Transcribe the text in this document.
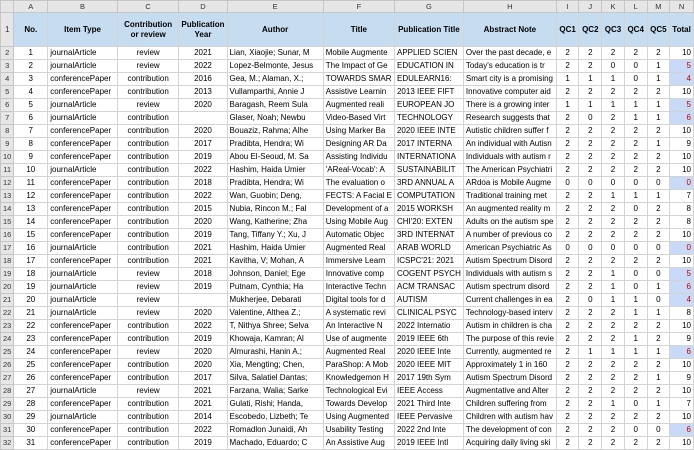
	A	B	C	D	E	F	G	H	I	J	K	L	M	N
1	No.	Item Type	Contribution or review	Publication Year	Author	Title	Publication Title	Abstract Note	QC1	QC2	QC3	QC4	QC5	Total
2	1	journalArticle	review	2021	Lian, Xiaojie; Sunar, M	Mobile Augmente	APPLIED SCIEN	Over the past decade, e	2	2	2	2	2	10
3	2	journalArticle	review	2022	Lopez-Belmonte, Jesus	The Impact of Ge	EDUCATION IN	Today's education is tr	2	2	0	0	1	5
4	3	conferencePaper	contribution	2016	Gea, M.; Alaman, X.;	TOWARDS SMAR	EDULEARN16:	Smart city is a promising	1	1	1	0	1	4
5	4	conferencePaper	contribution	2013	Vullamparthi, Annie J	Assistive Learnin	2013 IEEE FIFT	Innovative computer aid	2	2	2	2	2	10
6	5	journalArticle	review	2020	Baragash, Reem Sula	Augmented reali	EUROPEAN JO	There is a growing inter	1	1	1	1	1	5
7	6	journalArticle	contribution		Glaser, Noah; Newbu	Video-Based Virt	TECHNOLOGY	Research suggests that	2	0	2	1	1	6
8	7	conferencePaper	contribution	2020	Bouaziz, Rahma; Alhe	Using Marker Ba	2020 IEEE INTE	Autistic children suffer f	2	2	2	2	2	10
9	8	conferencePaper	contribution	2017	Pradibta, Hendra; Wi	Designing AR Da	2017 INTERNA	An individual with Autisn	2	2	2	2	1	9
10	9	conferencePaper	contribution	2019	Abou El-Seoud, M. Sa	Assisting Individu	INTERNATIONA	Individuals with autism r	2	2	2	2	2	10
11	10	journalArticle	contribution	2022	Hashim, Haida Umier	'AReal-Vocab': A	SUSTAINABILIT	The American Psychiatri	2	2	2	2	2	10
12	11	conferencePaper	contribution	2018	Pradibta, Hendra; Wi	The evaluation o	3RD ANNUAL A	ARdoa is Mobile Augme	0	0	0	0	0	0
13	12	conferencePaper	contribution	2022	Wan, Guobin; Deng,	FECTS: A Facial E	COMPUTATION	Traditional training met	2	2	1	1	1	7
14	13	conferencePaper	contribution	2015	Nubia, Rincon M.; Fal	Development of a	2015 WORKSH	An augmented reality m	2	2	2	0	2	8
15	14	conferencePaper	contribution	2020	Wang, Katherine; Zha	Using Mobile Aug	CHI'20: EXTEN	Adults on the autism spe	2	2	2	2	2	8
16	15	conferencePaper	contribution	2019	Tang, Tiffany Y.; Xu, J	Automatic Objec	3RD INTERNAT	A number of previous co	2	2	2	2	2	10
17	16	journalArticle	contribution	2021	Hashim, Haida Umier	Augmented Real	ARAB WORLD	American Psychiatric As	0	0	0	0	0	0
18	17	conferencePaper	contribution	2021	Kavitha, V; Mohan, A	Immersive Learn	ICSPC'21: 2021	Autism Spectrum Disord	2	2	2	2	2	10
19	18	journalArticle	review	2018	Johnson, Daniel; Ege	Innovative comp	COGENT PSYCH	Individuals with autism s	2	2	1	0	0	5
20	19	journalArticle	review	2019	Putnam, Cynthia; Ha	Interactive Techn	ACM TRANSAC	Autism spectrum disord	2	2	1	0	1	6
21	20	journalArticle	review		Mukherjee, Debarati	Digital tools for d	AUTISM	Current challenges in ea	2	0	1	1	0	4
22	21	journalArticle	review	2020	Valentine, Althea Z.;	A systematic revi	CLINICAL PSYC	Technology-based interv	2	2	2	1	1	8
23	22	conferencePaper	contribution	2022	T, Nithya Shree; Selva	An Interactive N	2022 Internatio	Autism in children is cha	2	2	2	2	2	10
24	23	conferencePaper	contribution	2019	Khowaja, Kamran; Al	Use of augmente	2019 IEEE 6th	The purpose of this revie	2	2	2	1	2	9
25	24	conferencePaper	review	2020	Almurashi, Hanin A.;	Augmented Real	2020 IEEE Inte	Currently, augmented re	2	1	1	1	1	6
26	25	conferencePaper	contribution	2020	Xia, Mengting; Chen,	ParaShop: A Mob	2020 IEEE MIT	Approximately 1 in 160	2	2	2	2	2	10
27	26	conferencePaper	contribution	2017	Silva, Salatiel Dantas;	Knowledgemon H	2017 19th Sym	Autism Spectrum Disord	2	2	2	2	1	9
28	27	journalArticle	review	2021	Farzana, Walia; Sarke	Technological Evi	IEEE Access	Augmentative and Alter	2	2	2	2	2	10
29	28	conferencePaper	contribution	2021	Gulati, Rishi; Handa,	Towards Develop	2021 Third Inte	Children suffering from	2	2	1	0	1	7
30	29	journalArticle	contribution	2014	Escobedo, Lizbeth; Te	Using Augmented	IEEE Pervasive	Children with autism hav	2	2	2	2	2	10
31	30	conferencePaper	contribution	2022	Romadlon Junaidi, Ah	Usability Testing	2022 2nd Inte	The development of con	2	2	2	0	0	6
32	31	conferencePaper	contribution	2019	Machado, Eduardo; C	An Assistive Aug	2019 IEEE Intl	Acquiring daily living ski	2	2	2	2	2	10
